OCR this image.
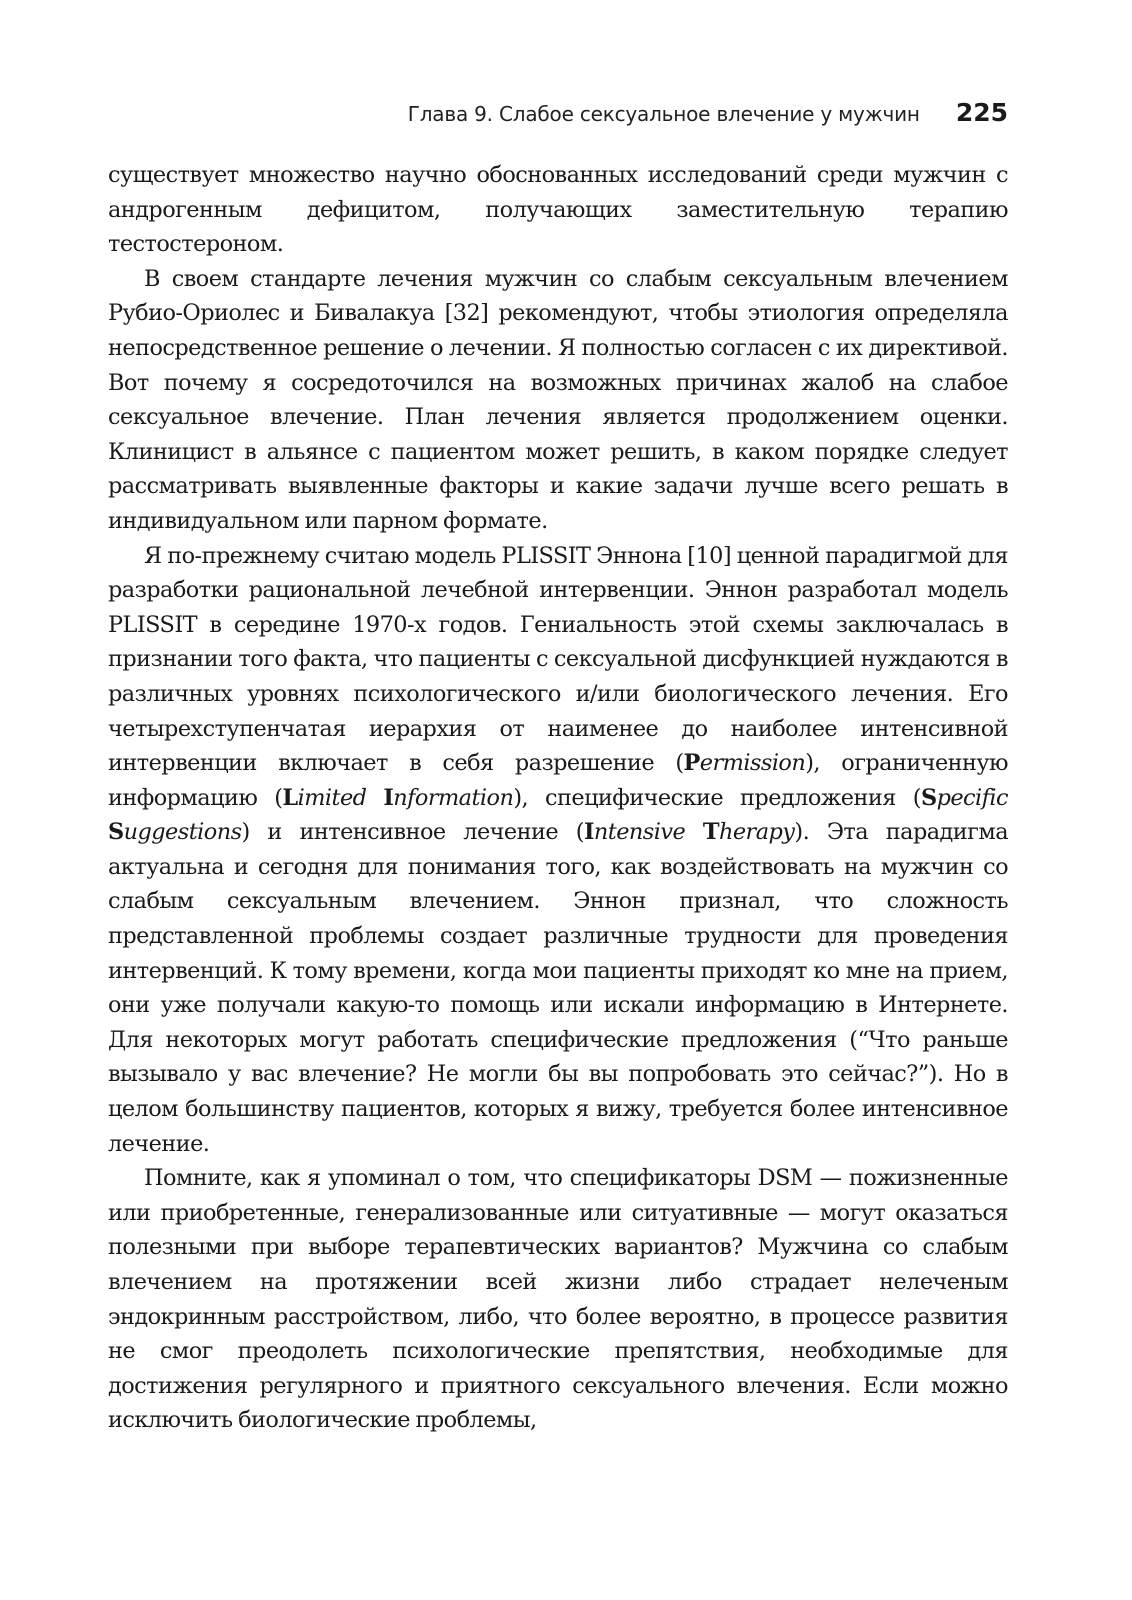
Глава 9. Слабое сексуальное влечение у мужчин 225

существует множество научно обоснованных исследований среди мужчин с андрогенным дефицитом, получающих заместительную терапию тестостероном.

В своем стандарте лечения мужчин со слабым сексуальным влечением Рубио-Ориолес и Бивалакуа [32] рекомендуют, чтобы этиология определяла непосредственное решение о лечении. Я полностью согласен с их директивой. Вот почему я сосредоточился на возможных причинах жалоб на слабое сексуальное влечение. План лечения является продолжением оценки. Клиницист в альянсе с пациентом может решить, в каком порядке следует рассматривать выявленные факторы и какие задачи лучше всего решать в индивидуальном или парном формате.

Я по-прежнему считаю модель PLISSIT Эннона [10] ценной парадигмой для разработки рациональной лечебной интервенции. Эннон разработал модель PLISSIT в середине 1970-х годов. Гениальность этой схемы заключалась в признании того факта, что пациенты с сексуальной дисфункцией нуждаются в различных уровнях психологического и/или биологического лечения. Его четырехступенчатая иерархия от наименее до наиболее интенсивной интервенции включает в себя разрешение (Permission), ограниченную информацию (Limited Information), специфические предложения (Specific Suggestions) и интенсивное лечение (Intensive Therapy). Эта парадигма актуальна и сегодня для понимания того, как воздействовать на мужчин со слабым сексуальным влечением. Эннон признал, что сложность представленной проблемы создает различные трудности для проведения интервенций. К тому времени, когда мои пациенты приходят ко мне на прием, они уже получали какую-то помощь или искали информацию в Интернете. Для некоторых могут работать специфические предложения (“Что раньше вызывало у вас влечение? Не могли бы вы попробовать это сейчас?”). Но в целом большинству пациентов, которых я вижу, требуется более интенсивное лечение.

Помните, как я упоминал о том, что спецификаторы DSM — пожизненные или приобретенные, генерализованные или ситуативные — могут оказаться полезными при выборе терапевтических вариантов? Мужчина со слабым влечением на протяжении всей жизни либо страдает нелеченым эндокринным расстройством, либо, что более вероятно, в процессе развития не смог преодолеть психологические препятствия, необходимые для достижения регулярного и приятного сексуального влечения. Если можно исключить биологические проблемы,
